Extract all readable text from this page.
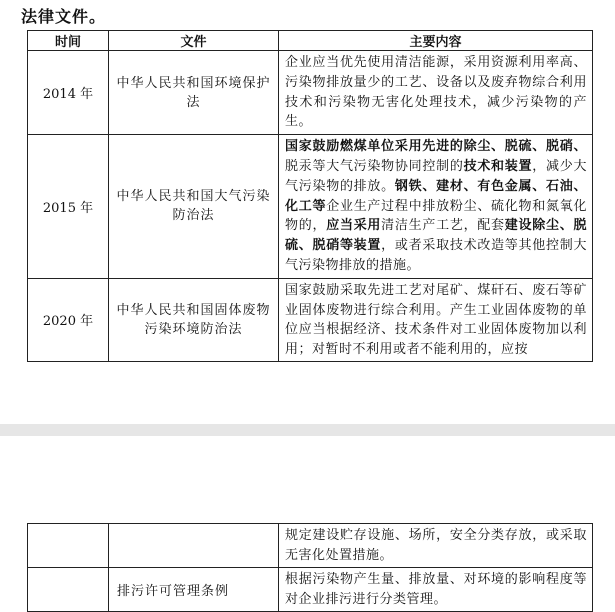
法律文件。
时间	文件	主要内容
2014 年	中华人民共和国环境保护法	企业应当优先使用清洁能源，采用资源利用率高、污染物排放量少的工艺、设备以及废弃物综合利用技术和污染物无害化处理技术，减少污染物的产生。
2015 年	中华人民共和国大气污染防治法	国家鼓励燃煤单位采用先进的除尘、脱硫、脱硝、脱汞等大气污染物协同控制的技术和装置，减少大气污染物的排放。钢铁、建材、有色金属、石油、化工等企业生产过程中排放粉尘、硫化物和氮氧化物的，应当采用清洁生产工艺，配套建设除尘、脱硫、脱硝等装置，或者采取技术改造等其他控制大气污染物排放的措施。
2020 年	中华人民共和国固体废物污染环境防治法	国家鼓励采取先进工艺对尾矿、煤矸石、废石等矿业固体废物进行综合利用。产生工业固体废物的单位应当根据经济、技术条件对工业固体废物加以利用；对暂时不利用或者不能利用的，应按
		规定建设贮存设施、场所，安全分类存放，或采取无害化处置措施。
	排污许可管理条例	根据污染物产生量、排放量、对环境的影响程度等对企业排污进行分类管理。
